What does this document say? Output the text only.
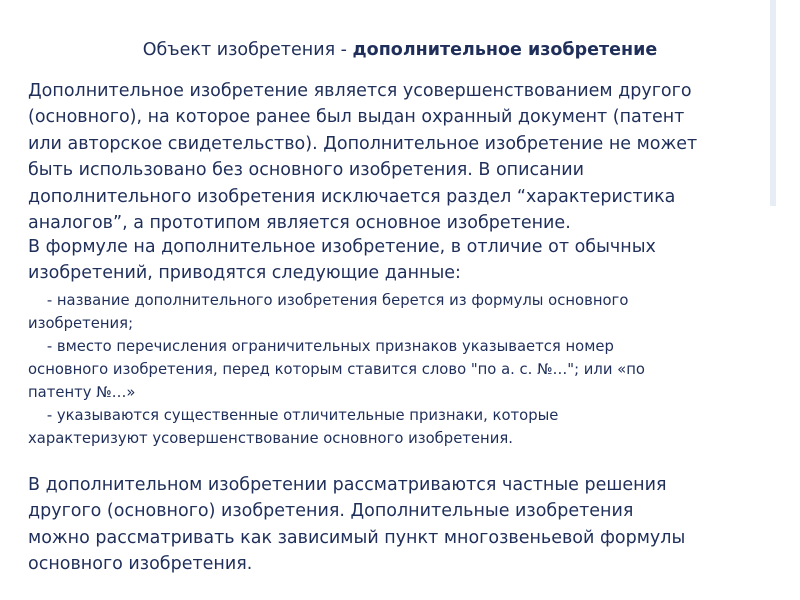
Объект изобретения - дополнительное изобретение
Дополнительное изобретение является усовершенствованием другого
(основного), на которое ранее был выдан охранный документ (патент
или авторское свидетельство). Дополнительное изобретение не может
быть использовано без основного изобретения. В описании
дополнительного изобретения исключается раздел “характеристика
аналогов”, а прототипом является основное изобретение.
В формуле на дополнительное изобретение, в отличие от обычных
изобретений, приводятся следующие данные:
- название дополнительного изобретения берется из формулы основного
изобретения;
- вместо перечисления ограничительных признаков указывается номер
основного изобретения, перед которым ставится слово "по а. с. №…"; или «по
патенту №…»
- указываются существенные отличительные признаки, которые
характеризуют усовершенствование основного изобретения.
В дополнительном изобретении рассматриваются частные решения
другого (основного) изобретения. Дополнительные изобретения
можно рассматривать как зависимый пункт многозвеньевой формулы
основного изобретения.
